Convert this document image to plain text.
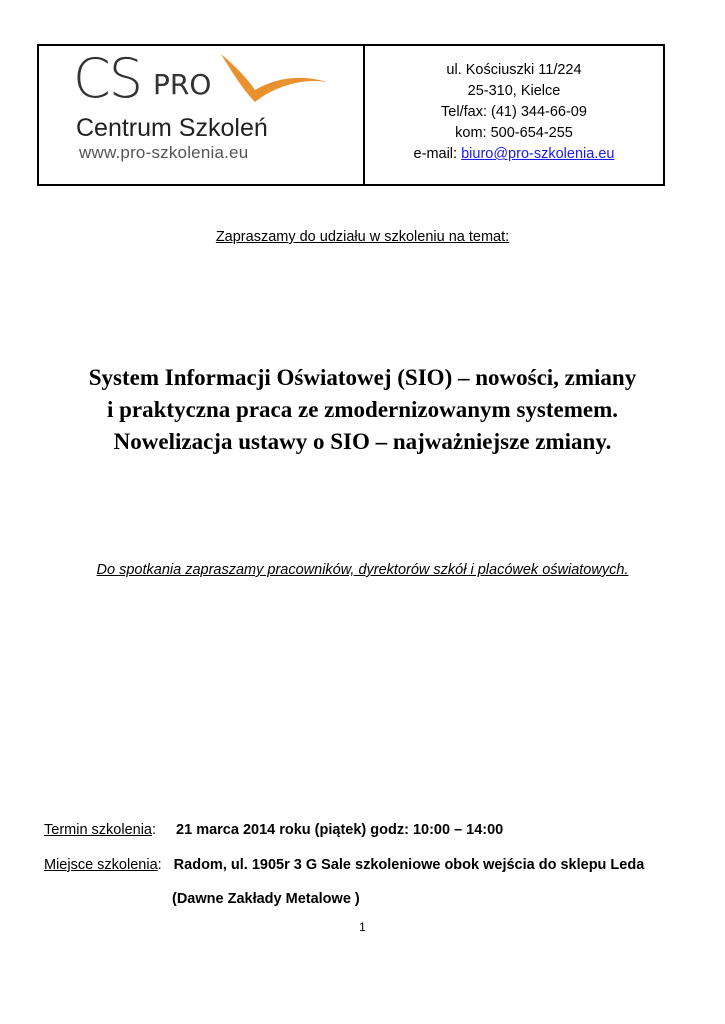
CS PRO
Centrum Szkoleń
www.pro-szkolenia.eu
ul. Kościuszki 11/224
25-310, Kielce
Tel/fax: (41) 344-66-09
kom: 500-654-255
e-mail: biuro@pro-szkolenia.eu
Zapraszamy do udziału w szkoleniu na temat:
System Informacji Oświatowej (SIO) – nowości, zmiany
i praktyczna praca ze zmodernizowanym systemem.
Nowelizacja ustawy o SIO – najważniejsze zmiany.
Do spotkania zapraszamy pracowników, dyrektorów szkół i placówek oświatowych.
Termin szkolenia: 21 marca 2014 roku (piątek) godz: 10:00 – 14:00
Miejsce szkolenia: Radom, ul. 1905r 3 G Sale szkoleniowe obok wejścia do sklepu Leda
(Dawne Zakłady Metalowe )
1
